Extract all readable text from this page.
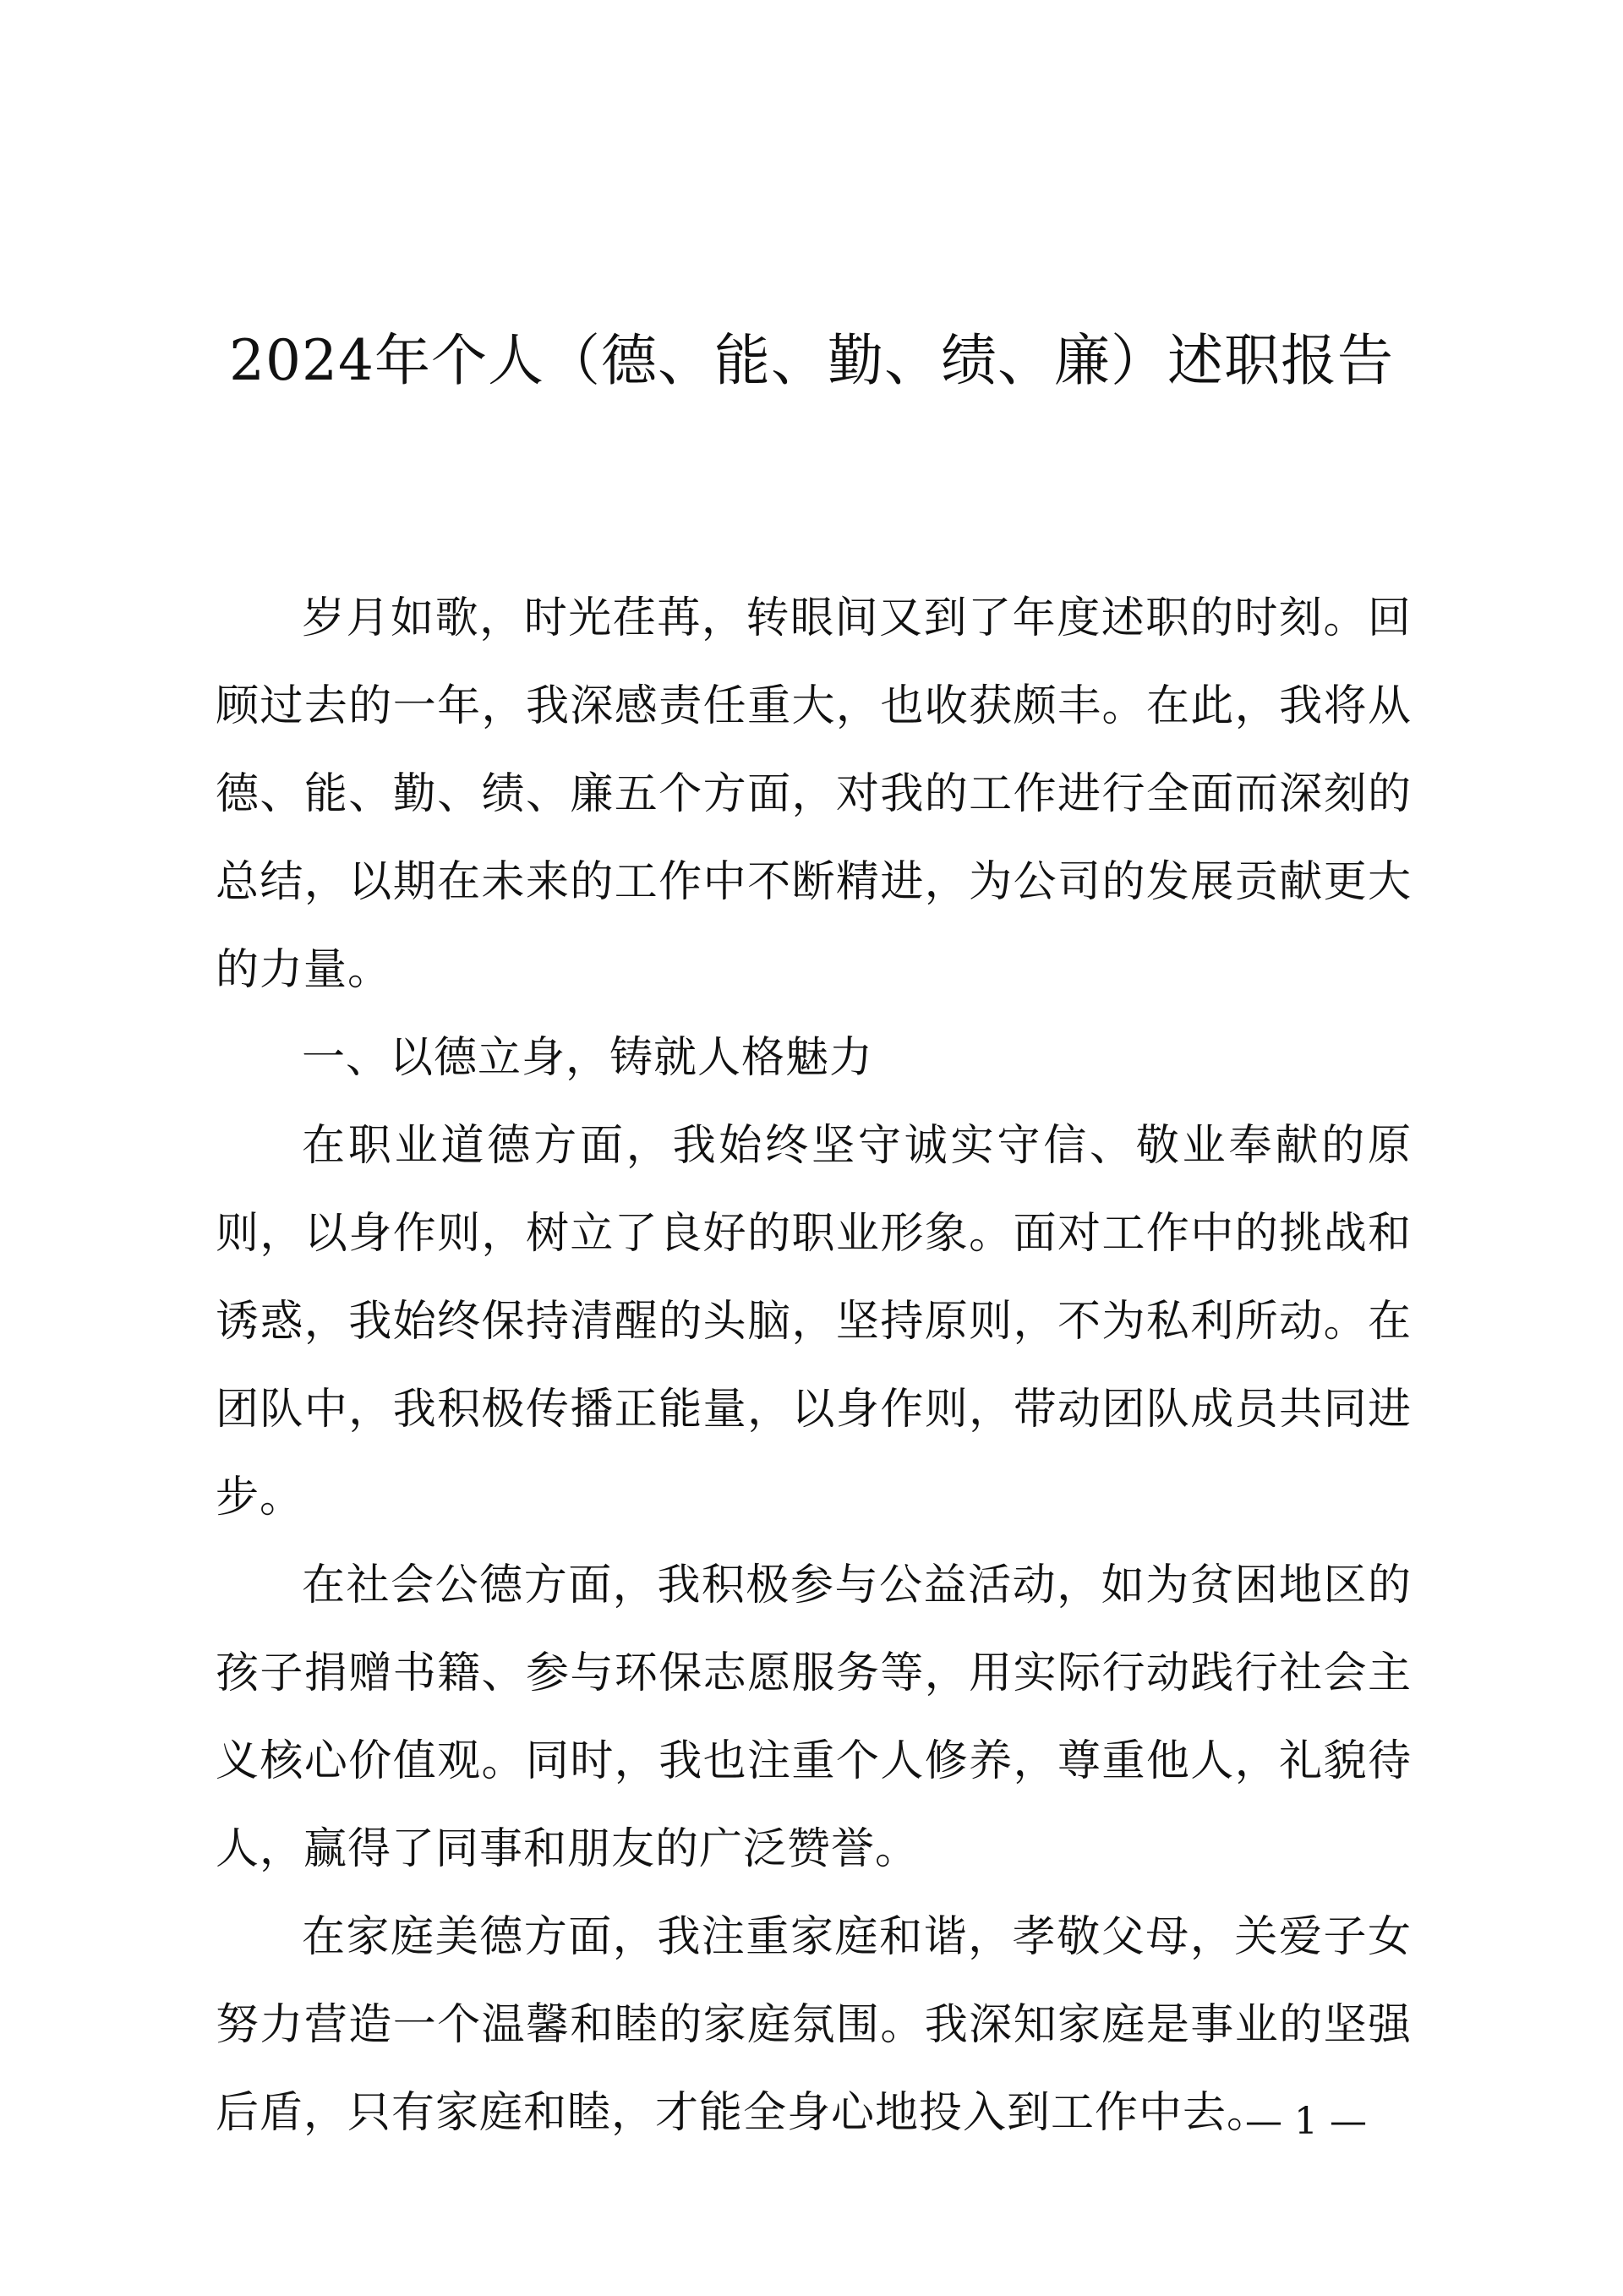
2024年个人（德、能、勤、绩、廉）述职报告

岁月如歌，时光荏苒，转眼间又到了年度述职的时刻。回顾过去的一年，我深感责任重大，也收获颇丰。在此，我将从德、能、勤、绩、廉五个方面，对我的工作进行全面而深刻的总结，以期在未来的工作中不断精进，为公司的发展贡献更大的力量。

一、以德立身，铸就人格魅力

在职业道德方面，我始终坚守诚实守信、敬业奉献的原则，以身作则，树立了良好的职业形象。面对工作中的挑战和诱惑，我始终保持清醒的头脑，坚持原则，不为私利所动。在团队中，我积极传播正能量，以身作则，带动团队成员共同进步。

在社会公德方面，我积极参与公益活动，如为贫困地区的孩子捐赠书籍、参与环保志愿服务等，用实际行动践行社会主义核心价值观。同时，我也注重个人修养，尊重他人，礼貌待人，赢得了同事和朋友的广泛赞誉。

在家庭美德方面，我注重家庭和谐，孝敬父母，关爱子女努力营造一个温馨和睦的家庭氛围。我深知家庭是事业的坚强后盾，只有家庭和睦，才能全身心地投入到工作中去。

— 1 —
